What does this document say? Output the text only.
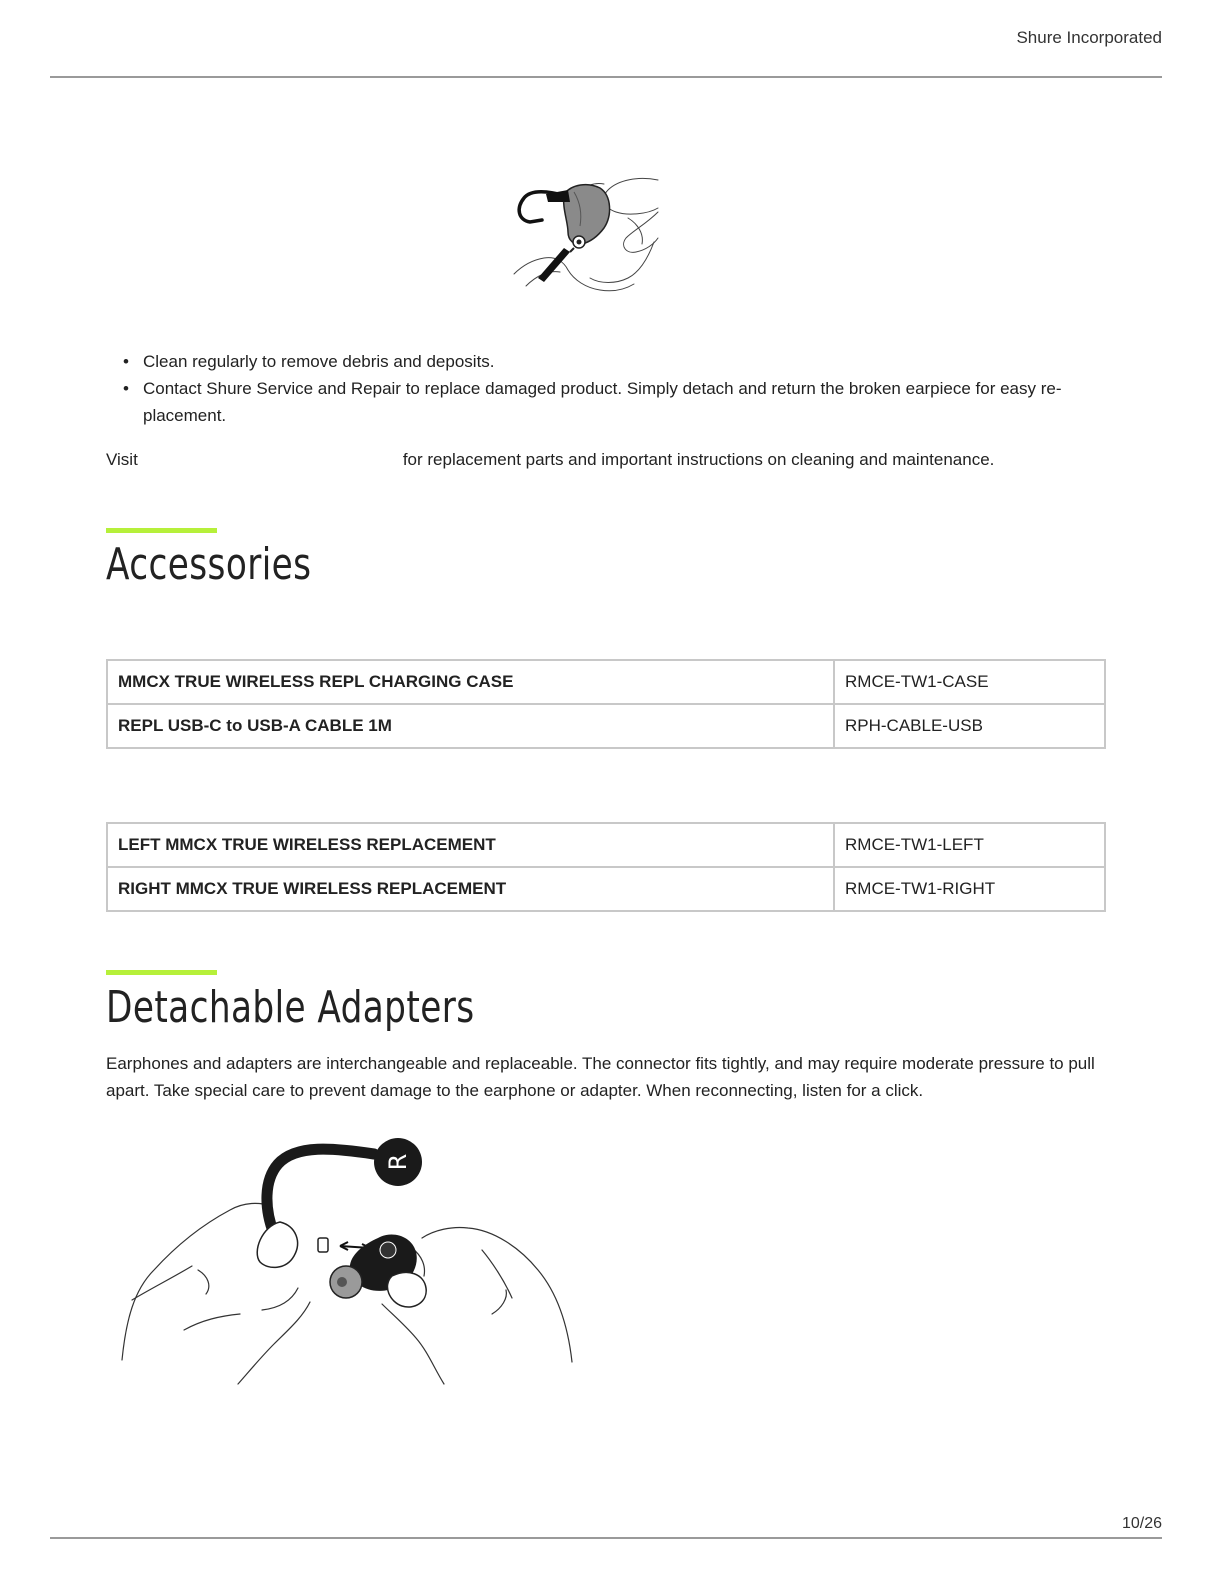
Shure Incorporated
• Clean regularly to remove debris and deposits.
• Contact Shure Service and Repair to replace damaged product. Simply detach and return the broken earpiece for easy re-placement.
Visit	for replacement parts and important instructions on cleaning and maintenance.
Accessories
MMCX TRUE WIRELESS REPL CHARGING CASE	RMCE-TW1-CASE
REPL USB-C to USB-A CABLE 1M	RPH-CABLE-USB
LEFT MMCX TRUE WIRELESS REPLACEMENT	RMCE-TW1-LEFT
RIGHT MMCX TRUE WIRELESS REPLACEMENT	RMCE-TW1-RIGHT
Detachable Adapters

Earphones and adapters are interchangeable and replaceable. The connector fits tightly, and may require moderate pressure to pull apart. Take special care to prevent damage to the earphone or adapter. When reconnecting, listen for a click.

R
10/26
